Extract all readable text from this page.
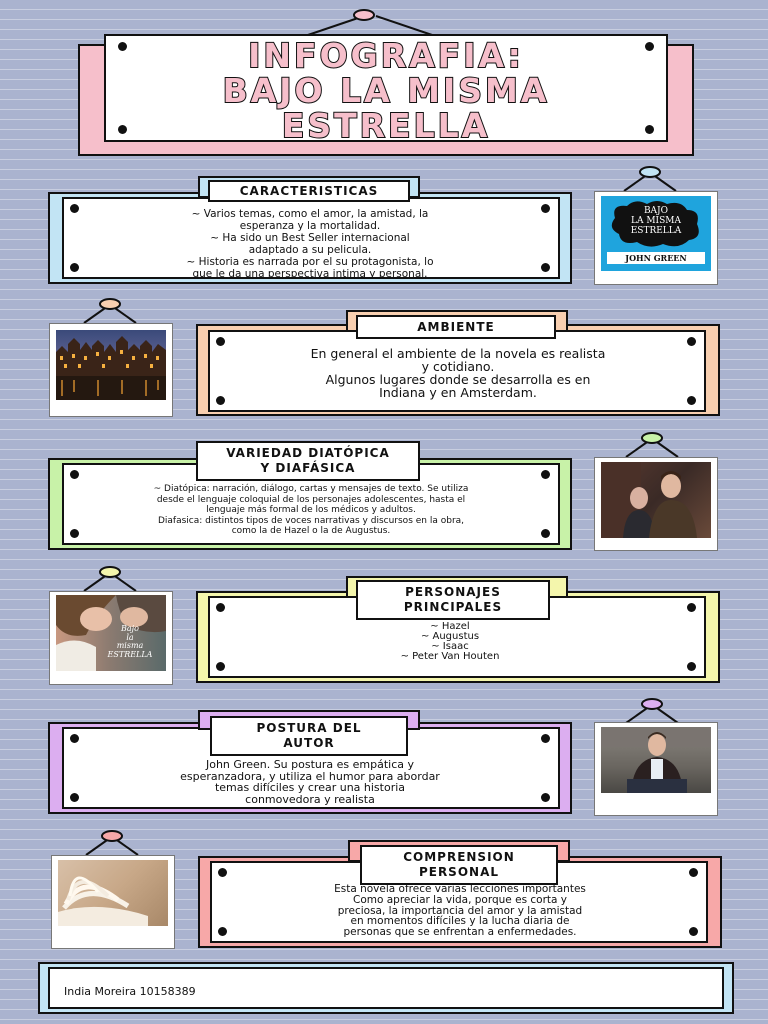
INFOGRAFIA:
BAJO LA MISMA
ESTRELLA
CARACTERISTICAS
~ Varios temas, como el amor, la amistad, la
esperanza y la mortalidad.
~ Ha sido un Best Seller internacional
adaptado a su pelicula.
~ Historia es narrada por el su protagonista, lo
que le da una perspectiva intima y personal.
BAJO
LA MISMA
ESTRELLA
JOHN GREEN
AMBIENTE
En general el ambiente de la novela es realista
y cotidiano.
Algunos lugares donde se desarrolla es en
Indiana y en Amsterdam.
VARIEDAD DIATÓPICA
Y DIAFÁSICA
~ Diatópica: narración, diálogo, cartas y mensajes de texto. Se utiliza
desde el lenguaje coloquial de los personajes adolescentes, hasta el
lenguaje más formal de los médicos y adultos.
Diafasica: distintos tipos de voces narrativas y discursos en la obra,
como la de Hazel o la de Augustus.
Bajo
la
misma
ESTRELLA
PERSONAJES
PRINCIPALES
~ Hazel
~ Augustus
~ Isaac
~ Peter Van Houten
POSTURA DEL
AUTOR
John Green. Su postura es empática y
esperanzadora, y utiliza el humor para abordar
temas difíciles y crear una historia
conmovedora y realista
COMPRENSION
PERSONAL
Esta novela ofrece varias lecciones importantes
Como apreciar la vida, porque es corta y
preciosa, la importancia del amor y la amistad
en momentos difíciles y la lucha diaria de
personas que se enfrentan a enfermedades.
India Moreira 10158389
